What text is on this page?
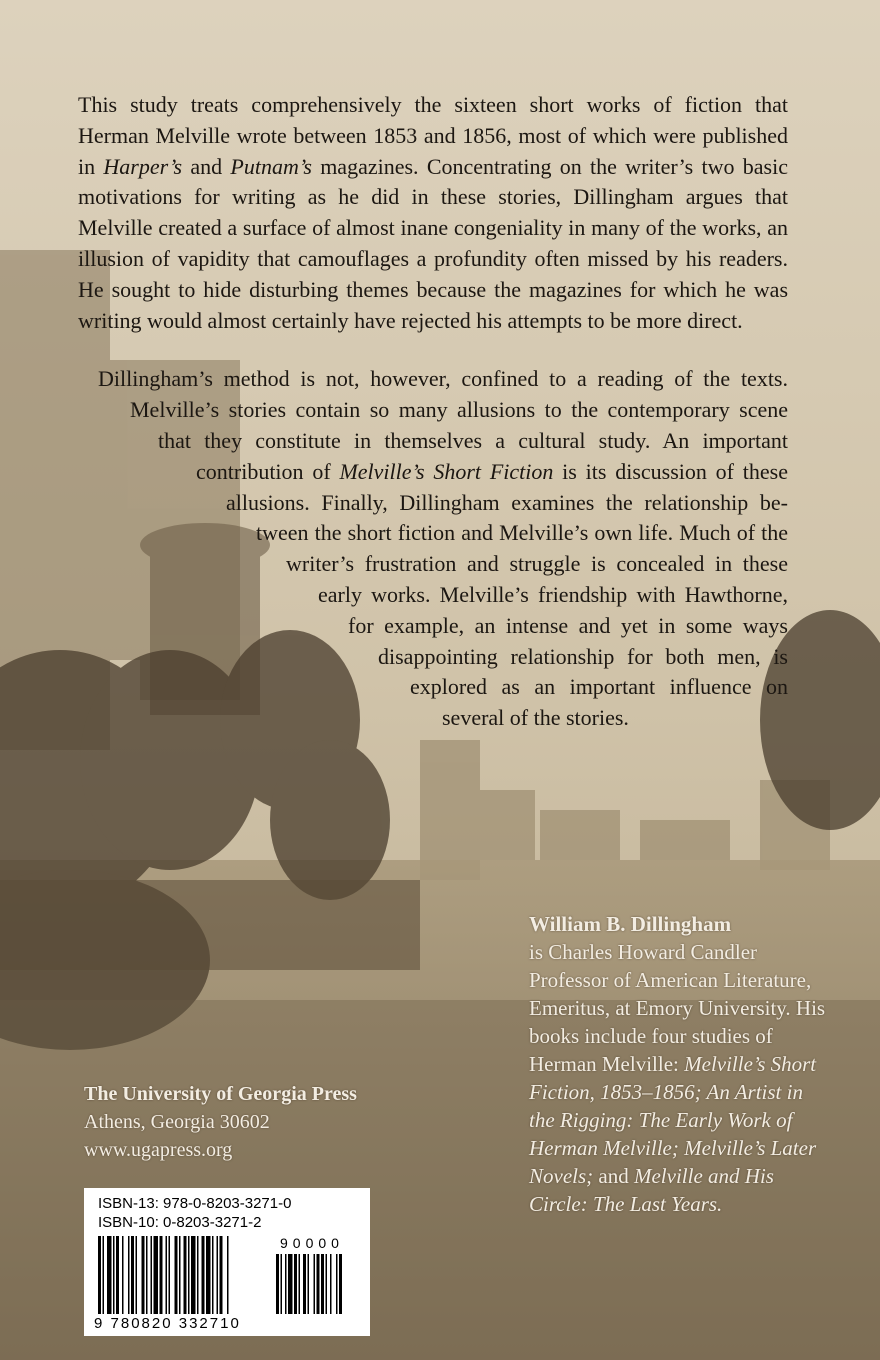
This study treats comprehensively the sixteen short works of fiction that Herman Melville wrote between 1853 and 1856, most of which were published in Harper’s and Putnam’s magazines. Concentrating on the writer’s two basic motivations for writing as he did in these stories, Dillingham argues that Melville created a surface of almost inane congeniality in many of the works, an illusion of vapidity that camouflages a profundity often missed by his readers. He sought to hide disturbing themes because the magazines for which he was writing would almost certainly have rejected his attempts to be more direct.

Dillingham’s method is not, however, confined to a reading of the texts. Melville’s stories contain so many allusions to the contemporary scene that they constitute in themselves a cultural study. An important contribution of Melville’s Short Fiction is its discussion of these allusions. Finally, Dillingham examines the relationship between the short fiction and Melville’s own life. Much of the writer’s frustration and struggle is concealed in these early works. Melville’s friendship with Hawthorne, for example, an intense and yet in some ways disappointing relationship for both men, is explored as an important influence on several of the stories.

William B. Dillingham
is Charles Howard Candler Professor of American Literature, Emeritus, at Emory University. His books include four studies of Herman Melville: Melville’s Short Fiction, 1853–1856; An Artist in the Rigging: The Early Work of Herman Melville; Melville’s Later Novels; and Melville and His Circle: The Last Years.
The University of Georgia Press
Athens, Georgia 30602
www.ugapress.org
ISBN-13: 978-0-8203-3271-0
ISBN-10: 0-8203-3271-2
90000
9 780820 332710
